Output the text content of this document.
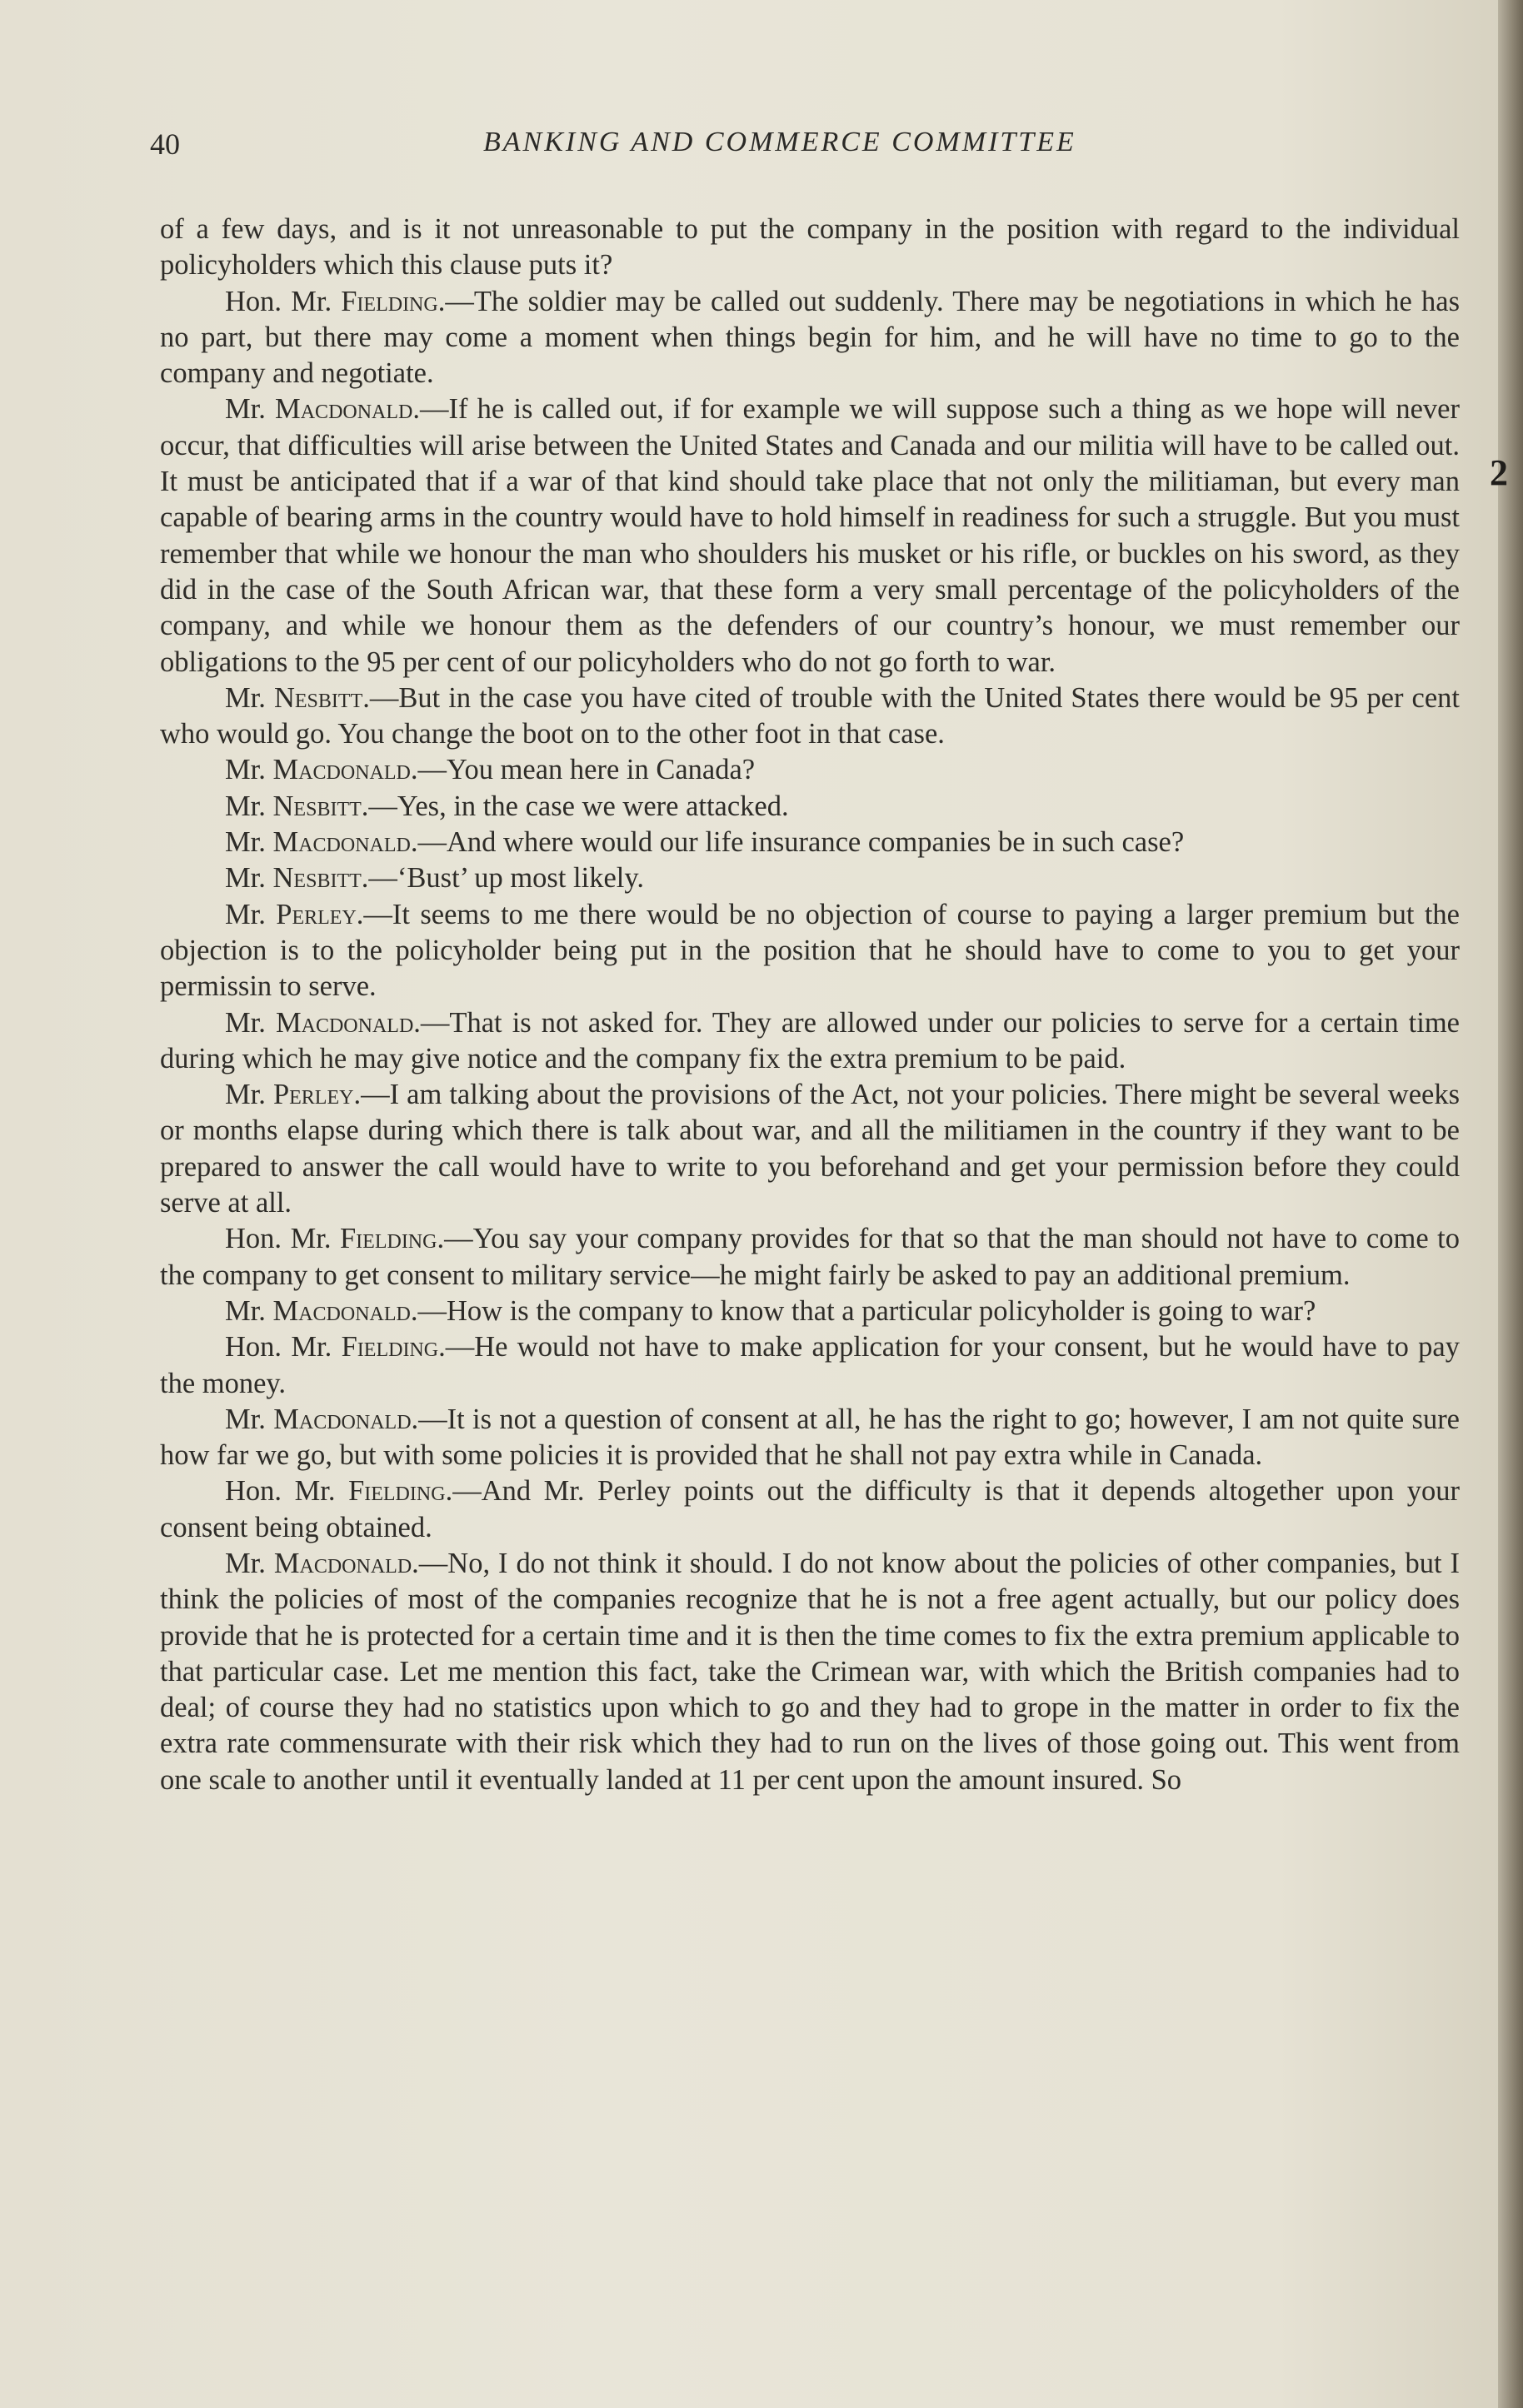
40	BANKING AND COMMERCE COMMITTEE
2

of a few days, and is it not unreasonable to put the company in the position with regard to the individual policyholders which this clause puts it?

Hon. Mr. Fielding.—The soldier may be called out suddenly. There may be negotiations in which he has no part, but there may come a moment when things begin for him, and he will have no time to go to the company and negotiate.

Mr. Macdonald.—If he is called out, if for example we will suppose such a thing as we hope will never occur, that difficulties will arise between the United States and Canada and our militia will have to be called out. It must be anticipated that if a war of that kind should take place that not only the militiaman, but every man capable of bearing arms in the country would have to hold himself in readiness for such a struggle. But you must remember that while we honour the man who shoulders his musket or his rifle, or buckles on his sword, as they did in the case of the South African war, that these form a very small percentage of the policyholders of the company, and while we honour them as the defenders of our country’s honour, we must remember our obligations to the 95 per cent of our policyholders who do not go forth to war.

Mr. Nesbitt.—But in the case you have cited of trouble with the United States there would be 95 per cent who would go. You change the boot on to the other foot in that case.

Mr. Macdonald.—You mean here in Canada?

Mr. Nesbitt.—Yes, in the case we were attacked.

Mr. Macdonald.—And where would our life insurance companies be in such case?

Mr. Nesbitt.—‘Bust’ up most likely.

Mr. Perley.—It seems to me there would be no objection of course to paying a larger premium but the objection is to the policyholder being put in the position that he should have to come to you to get your permissin to serve.

Mr. Macdonald.—That is not asked for. They are allowed under our policies to serve for a certain time during which he may give notice and the company fix the extra premium to be paid.

Mr. Perley.—I am talking about the provisions of the Act, not your policies. There might be several weeks or months elapse during which there is talk about war, and all the militiamen in the country if they want to be prepared to answer the call would have to write to you beforehand and get your permission before they could serve at all.

Hon. Mr. Fielding.—You say your company provides for that so that the man should not have to come to the company to get consent to military service—he might fairly be asked to pay an additional premium.

Mr. Macdonald.—How is the company to know that a particular policyholder is going to war?

Hon. Mr. Fielding.—He would not have to make application for your consent, but he would have to pay the money.

Mr. Macdonald.—It is not a question of consent at all, he has the right to go; however, I am not quite sure how far we go, but with some policies it is provided that he shall not pay extra while in Canada.

Hon. Mr. Fielding.—And Mr. Perley points out the difficulty is that it depends altogether upon your consent being obtained.

Mr. Macdonald.—No, I do not think it should. I do not know about the policies of other companies, but I think the policies of most of the companies recognize that he is not a free agent actually, but our policy does provide that he is protected for a certain time and it is then the time comes to fix the extra premium applicable to that particular case. Let me mention this fact, take the Crimean war, with which the British companies had to deal; of course they had no statistics upon which to go and they had to grope in the matter in order to fix the extra rate commensurate with their risk which they had to run on the lives of those going out. This went from one scale to another until it eventually landed at 11 per cent upon the amount insured. So
